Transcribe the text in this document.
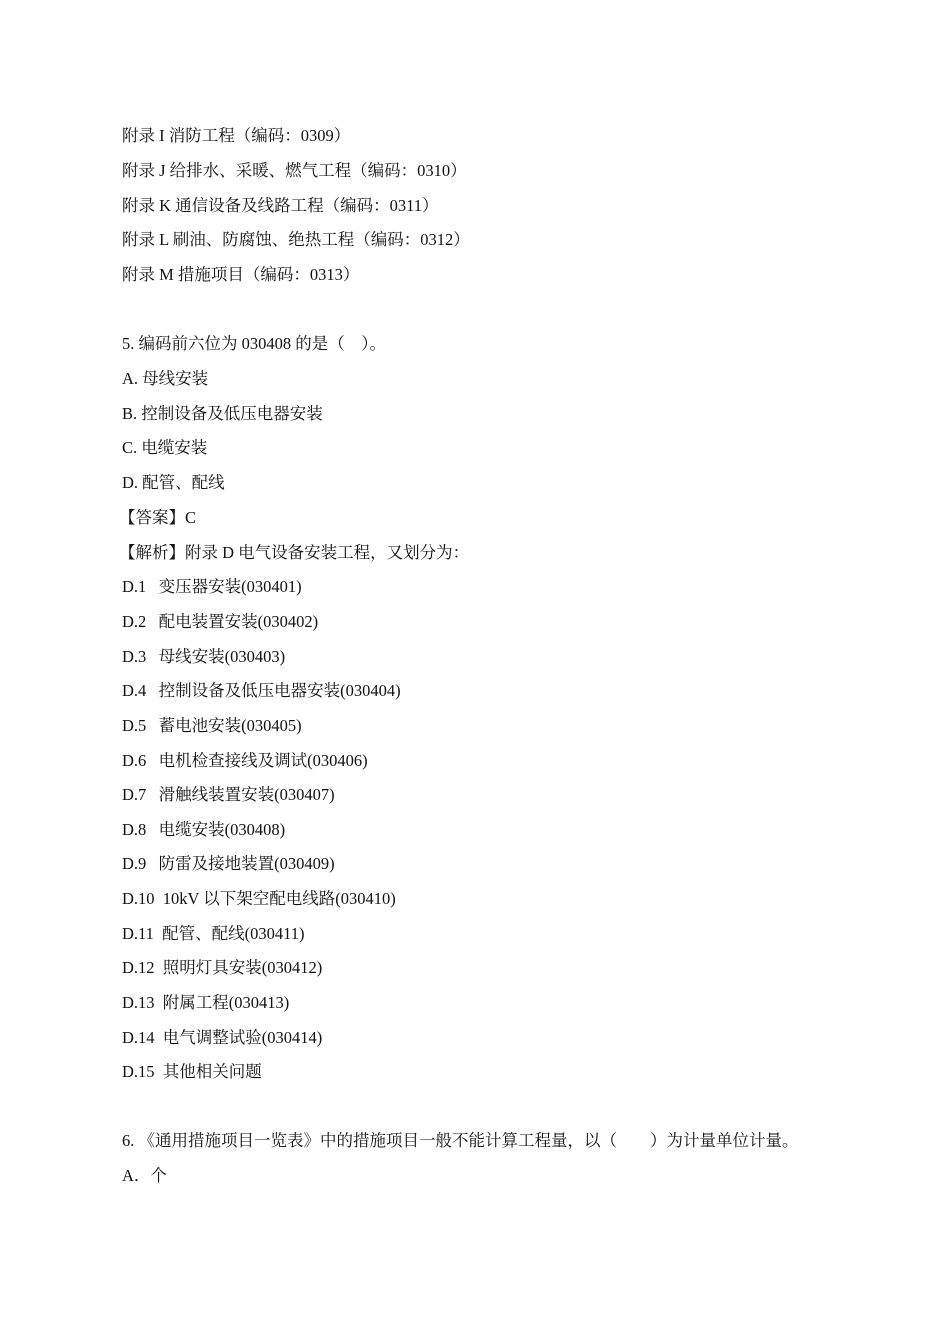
附录 I 消防工程（编码：0309）
附录 J 给排水、采暖、燃气工程（编码：0310）
附录 K 通信设备及线路工程（编码：0311）
附录 L 刷油、防腐蚀、绝热工程（编码：0312）
附录 M 措施项目（编码：0313）
5. 编码前六位为 030408 的是（　）。
A. 母线安装
B. 控制设备及低压电器安装
C. 电缆安装
D. 配管、配线
【答案】C
【解析】附录 D 电气设备安装工程，又划分为：
D.1   变压器安装(030401)
D.2   配电装置安装(030402)
D.3   母线安装(030403)
D.4   控制设备及低压电器安装(030404)
D.5   蓄电池安装(030405)
D.6   电机检查接线及调试(030406)
D.7   滑触线装置安装(030407)
D.8   电缆安装(030408)
D.9   防雷及接地装置(030409)
D.10  10kV 以下架空配电线路(030410)
D.11  配管、配线(030411)
D.12  照明灯具安装(030412)
D.13  附属工程(030413)
D.14  电气调整试验(030414)
D.15  其他相关问题
6. 《通用措施项目一览表》中的措施项目一般不能计算工程量，以（　　）为计量单位计量。
A．个
